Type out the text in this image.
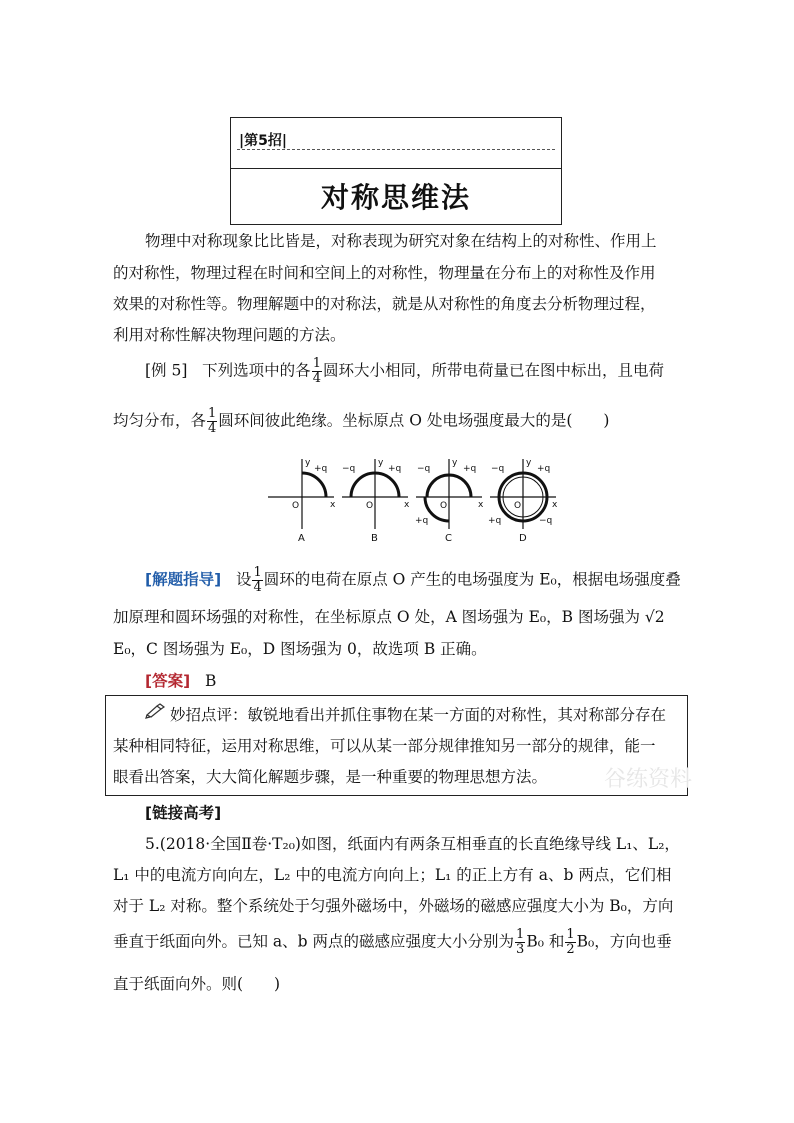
|第5招|
对称思维法
物理中对称现象比比皆是，对称表现为研究对象在结构上的对称性、作用上
的对称性，物理过程在时间和空间上的对称性，物理量在分布上的对称性及作用
效果的对称性等。物理解题中的对称法，就是从对称性的角度去分析物理过程，
利用对称性解决物理问题的方法。
[例 5] 下列选项中的各 $\frac{1}{4}$ 圆环大小相同，所带电荷量已在图中标出，且电荷
均匀分布，各 $\frac{1}{4}$ 圆环间彼此绝缘。坐标原点 O 处电场强度最大的是(　　)
y
x
O
+q
y
x
O
−q	+q
y
x
O
−q	+q
+q
y
x
O
−q	+q
+q	−q
A	B	C	D
[解题指导] 设 $\frac{1}{4}$ 圆环的电荷在原点 O 产生的电场强度为 E₀，根据电场强度叠
加原理和圆环场强的对称性，在坐标原点 O 处，A 图场强为 E₀，B 图场强为 √2
E₀，C 图场强为 E₀，D 图场强为 0，故选项 B 正确。
[答案] B
谷练资料
妙招点评：敏锐地看出并抓住事物在某一方面的对称性，其对称部分存在
某种相同特征，运用对称思维，可以从某一部分规律推知另一部分的规律，能一
眼看出答案，大大简化解题步骤，是一种重要的物理思想方法。
[链接高考]
5.(2018·全国Ⅱ卷·T₂₀)如图，纸面内有两条互相垂直的长直绝缘导线 L₁、L₂，
L₁ 中的电流方向向左，L₂ 中的电流方向向上；L₁ 的正上方有 a、b 两点，它们相
对于 L₂ 对称。整个系统处于匀强外磁场中，外磁场的磁感应强度大小为 B₀，方向
垂直于纸面向外。已知 a、b 两点的磁感应强度大小分别为 $\frac{1}{3} B_0$ 和 $\frac{1}{2} B_0$，方向也垂
直于纸面向外。则(　　)
